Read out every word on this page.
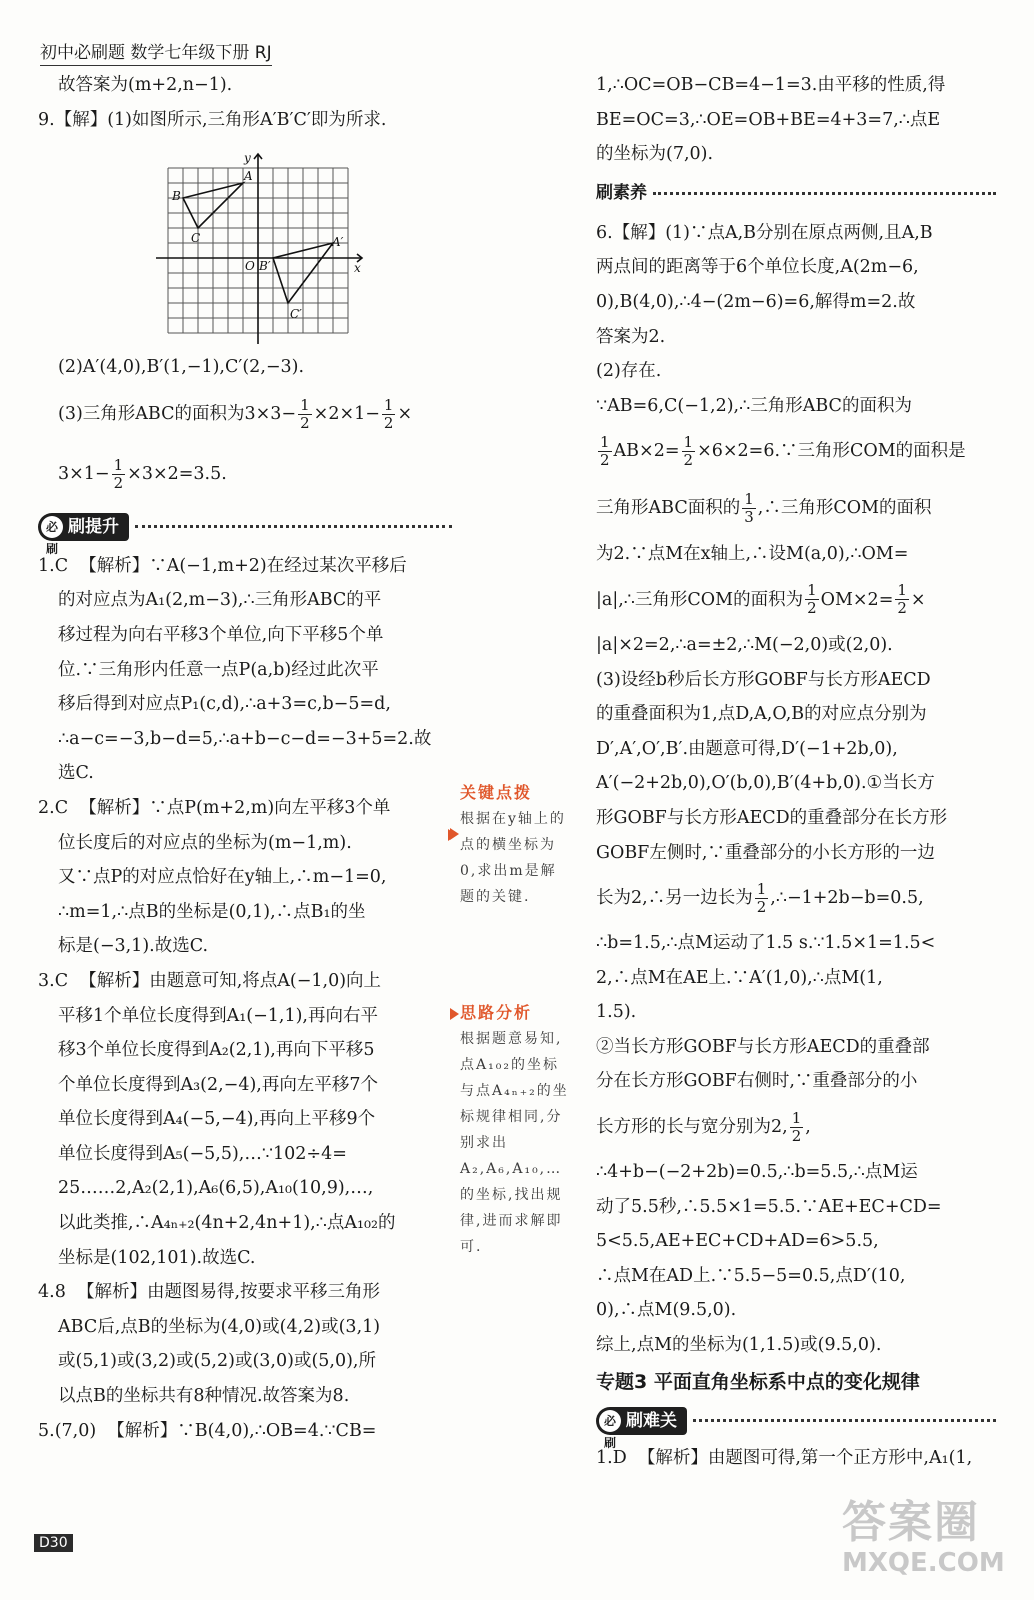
初中必刷题 数学七年级下册 RJ

故答案为(m+2,n−1).

9.【解】(1)如图所示,三角形A′B′C′即为所求.

(2)A′(4,0),B′(1,−1),C′(2,−3).

(3)三角形ABC的面积为$3\times 3- \frac{1}{2} \times 2\times 1- \frac{1}{2}$ ×
$3\times 1- \frac{1}{2} \times 3\times 2=3.5$.
必刷
刷提升

1.C  【解析】∵A(−1,m+2)在经过某次平移后

的对应点为A₁(2,m−3),∴三角形ABC的平

移过程为向右平移3个单位,向下平移5个单

位.∵三角形内任意一点P(a,b)经过此次平

移后得到对应点P₁(c,d),∴a+3=c,b−5=d,

∴a−c=−3,b−d=5,∴a+b−c−d=−3+5=2.故

选C.

2.C  【解析】∵点P(m+2,m)向左平移3个单

位长度后的对应点的坐标为(m−1,m).

又∵点P的对应点恰好在y轴上,∴m−1=0,

∴m=1,∴点B的坐标是(0,1),∴点B₁的坐

标是(−3,1).故选C.

3.C  【解析】由题意可知,将点A(−1,0)向上

平移1个单位长度得到A₁(−1,1),再向右平

移3个单位长度得到A₂(2,1),再向下平移5

个单位长度得到A₃(2,−4),再向左平移7个

单位长度得到A₄(−5,−4),再向上平移9个

单位长度得到A₅(−5,5),…∵102÷4=

25……2,A₂(2,1),A₆(6,5),A₁₀(10,9),…,

以此类推,∴A₄ₙ₊₂(4n+2,4n+1),∴点A₁₀₂的

坐标是(102,101).故选C.

4.8  【解析】由题图易得,按要求平移三角形

ABC后,点B的坐标为(4,0)或(4,2)或(3,1)

或(5,1)或(3,2)或(5,2)或(3,0)或(5,0),所

以点B的坐标共有8种情况.故答案为8.

5.(7,0)  【解析】∵B(4,0),∴OB=4.∵CB=

y
x
O
A
B
C	A′
B′
C′
关键点拨
根据在y轴上的点的横坐标为0,求出m是解题的关键.
思路分析
根据题意易知,点A₁₀₂的坐标与点A₄ₙ₊₂的坐标规律相同,分别求出A₂,A₆,A₁₀,…的坐标,找出规律,进而求解即可.

1,∴OC=OB−CB=4−1=3.由平移的性质,得

BE=OC=3,∴OE=OB+BE=4+3=7,∴点E

的坐标为(7,0).

刷素养

6.【解】(1)∵点A,B分别在原点两侧,且A,B

两点间的距离等于6个单位长度,A(2m−6,

0),B(4,0),∴4−(2m−6)=6,解得m=2.故

答案为2.

(2)存在.

∵AB=6,C(−1,2),∴三角形ABC的面积为

$\frac{1}{2} AB\times 2= \frac{1}{2}$ ×6×2=6.∵三角形COM的面积是
三角形ABC面积的 $\frac{1}{3}$ ,∴三角形COM的面积

为2.∵点M在x轴上,∴设M(a,0),∴OM=

|a|,∴三角形COM的面积为 $\frac{1}{2} OM\times 2= \frac{1}{2}$ ×

|a|×2=2,∴a=±2,∴M(−2,0)或(2,0).

(3)设经b秒后长方形GOBF与长方形AECD

的重叠面积为1,点D,A,O,B的对应点分别为

D′,A′,O′,B′.由题意可得,D′(−1+2b,0),

A′(−2+2b,0),O′(b,0),B′(4+b,0).①当长方

形GOBF与长方形AECD的重叠部分在长方形

GOBF左侧时,∵重叠部分的小长方形的一边

长为2,∴另一边长为 $\frac{1}{2}$ ,∴−1+2b−b=0.5,

∴b=1.5,∴点M运动了1.5 s.∵1.5×1=1.5<

2,∴点M在AE上.∵A′(1,0),∴点M(1,

1.5).

②当长方形GOBF与长方形AECD的重叠部

分在长方形GOBF右侧时,∵重叠部分的小

长方形的长与宽分别为2, $\frac{1}{2}$ ,

∴4+b−(−2+2b)=0.5,∴b=5.5,∴点M运

动了5.5秒,∴5.5×1=5.5.∵AE+EC+CD=

5<5.5,AE+EC+CD+AD=6>5.5,

∴点M在AD上.∵5.5−5=0.5,点D′(10,

0),∴点M(9.5,0).

综上,点M的坐标为(1,1.5)或(9.5,0).

专题3 平面直角坐标系中点的变化规律
必刷
刷难关

1.D  【解析】由题图可得,第一个正方形中,A₁(1,

D30	答案圈
MXQE.COM
